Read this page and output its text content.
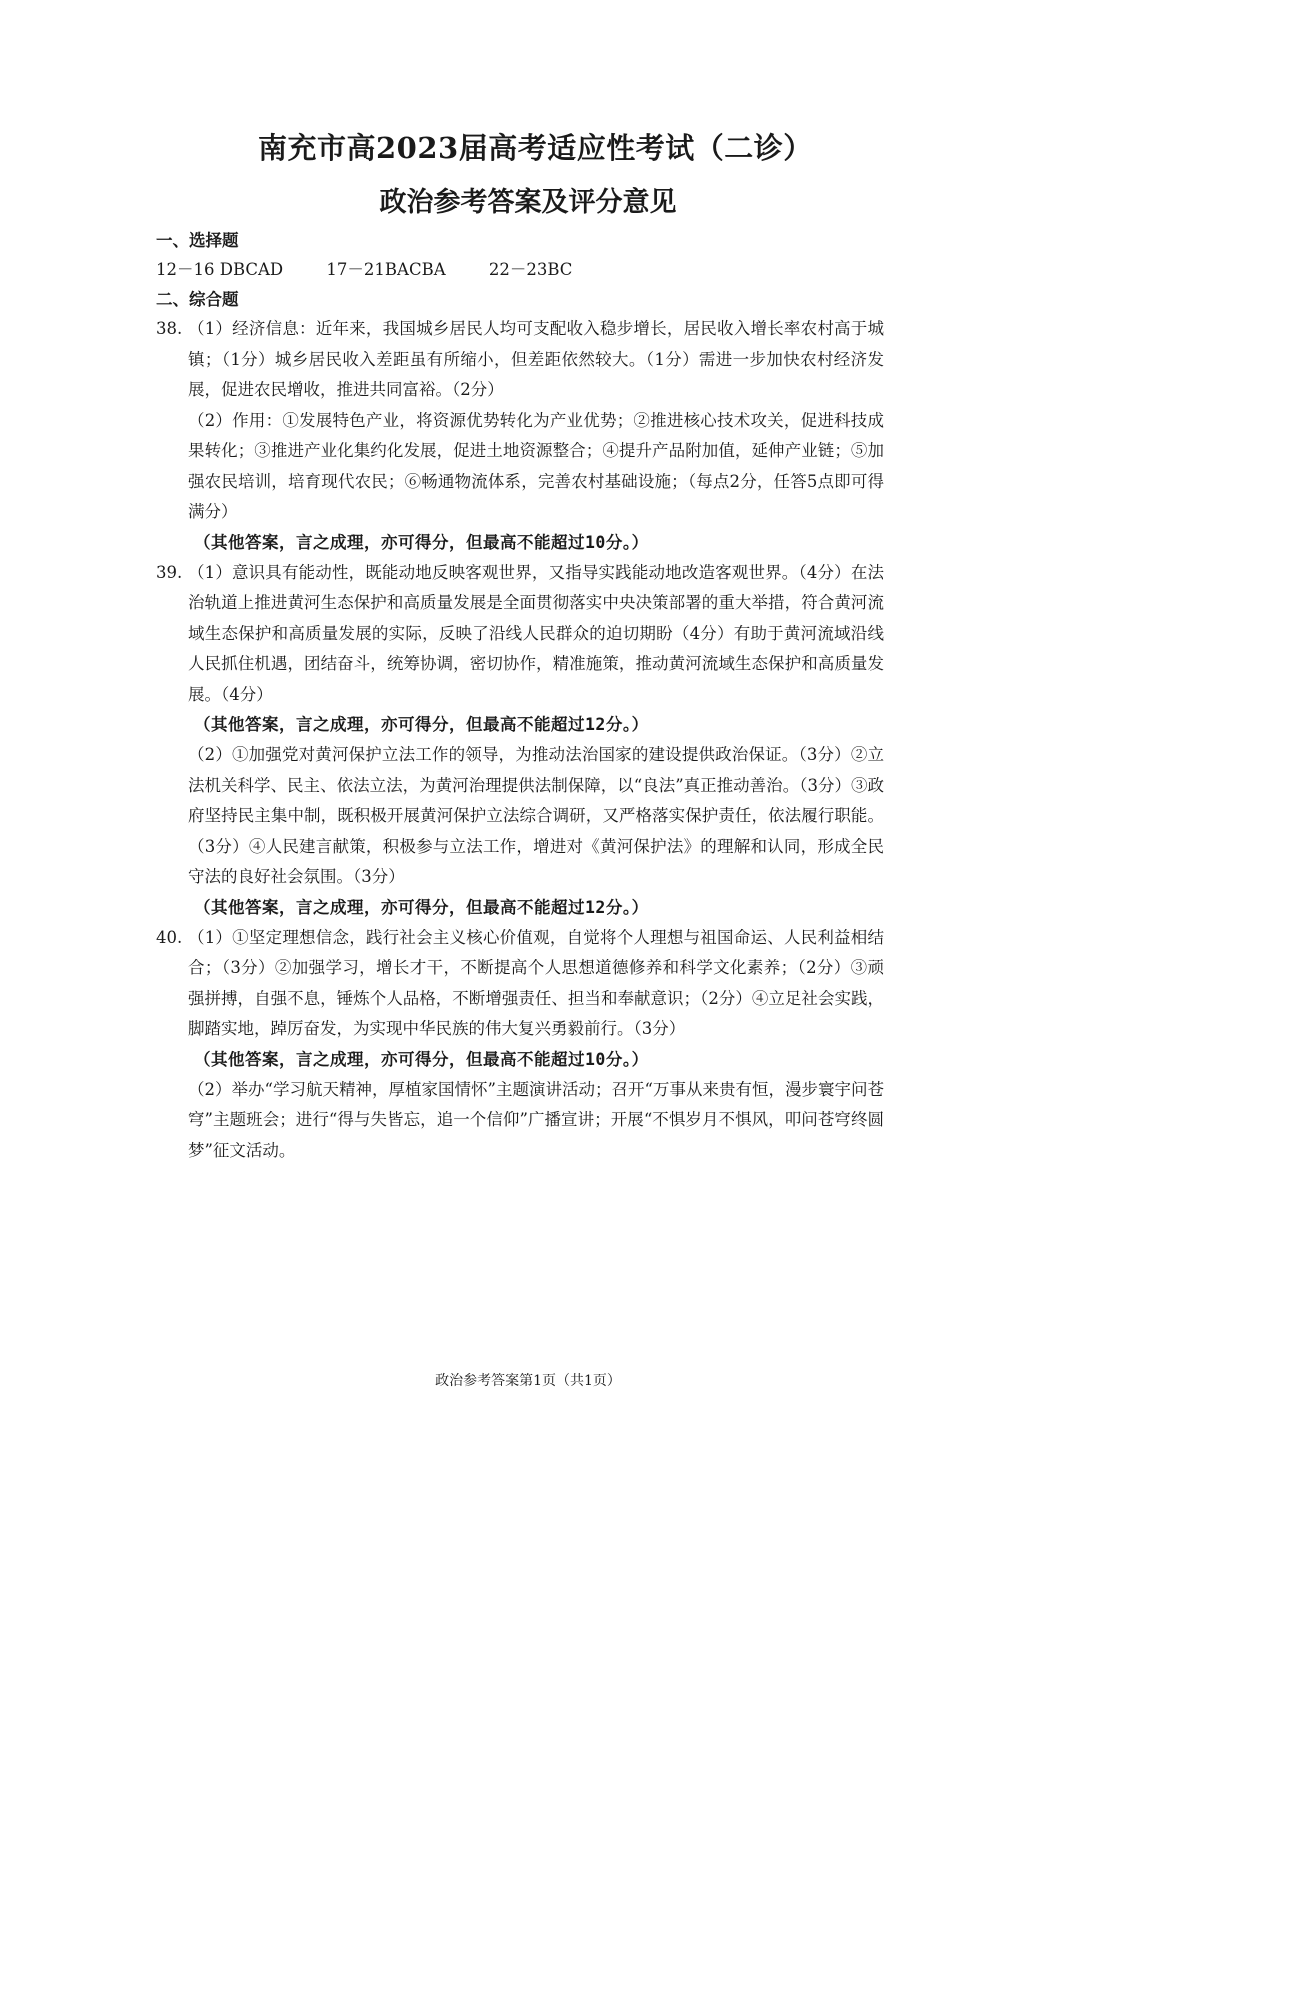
南充市高2023届高考适应性考试（二诊）
政治参考答案及评分意见
一、选择题
12－16 DBCAD	17－21BACBA	22－23BC
二、综合题
38. （1）经济信息：近年来，我国城乡居民人均可支配收入稳步增长，居民收入增长率农村高于城镇；（1分）城乡居民收入差距虽有所缩小，但差距依然较大。（1分）需进一步加快农村经济发展，促进农民增收，推进共同富裕。（2分）
（2）作用：①发展特色产业，将资源优势转化为产业优势；②推进核心技术攻关，促进科技成果转化；③推进产业化集约化发展，促进土地资源整合；④提升产品附加值，延伸产业链；⑤加强农民培训，培育现代农民；⑥畅通物流体系，完善农村基础设施；（每点2分，任答5点即可得满分）
（其他答案，言之成理，亦可得分，但最高不能超过10分。）
39. （1）意识具有能动性，既能动地反映客观世界，又指导实践能动地改造客观世界。（4分）在法治轨道上推进黄河生态保护和高质量发展是全面贯彻落实中央决策部署的重大举措，符合黄河流域生态保护和高质量发展的实际，反映了沿线人民群众的迫切期盼（4分）有助于黄河流域沿线人民抓住机遇，团结奋斗，统筹协调，密切协作，精准施策，推动黄河流域生态保护和高质量发展。（4分）
（其他答案，言之成理，亦可得分，但最高不能超过12分。）
（2）①加强党对黄河保护立法工作的领导，为推动法治国家的建设提供政治保证。（3分）②立法机关科学、民主、依法立法，为黄河治理提供法制保障，以“良法”真正推动善治。（3分）③政府坚持民主集中制，既积极开展黄河保护立法综合调研，又严格落实保护责任，依法履行职能。（3分）④人民建言献策，积极参与立法工作，增进对《黄河保护法》的理解和认同，形成全民守法的良好社会氛围。（3分）
（其他答案，言之成理，亦可得分，但最高不能超过12分。）
40. （1）①坚定理想信念，践行社会主义核心价值观，自觉将个人理想与祖国命运、人民利益相结合；（3分）②加强学习，增长才干，不断提高个人思想道德修养和科学文化素养；（2分）③顽强拼搏，自强不息，锤炼个人品格，不断增强责任、担当和奉献意识；（2分）④立足社会实践，脚踏实地，踔厉奋发，为实现中华民族的伟大复兴勇毅前行。（3分）
（其他答案，言之成理，亦可得分，但最高不能超过10分。）
（2）举办“学习航天精神，厚植家国情怀”主题演讲活动；召开“万事从来贵有恒，漫步寰宇问苍穹”主题班会；进行“得与失皆忘，追一个信仰”广播宣讲；开展“不惧岁月不惧风，叩问苍穹终圆梦”征文活动。
政治参考答案第1页（共1页）
